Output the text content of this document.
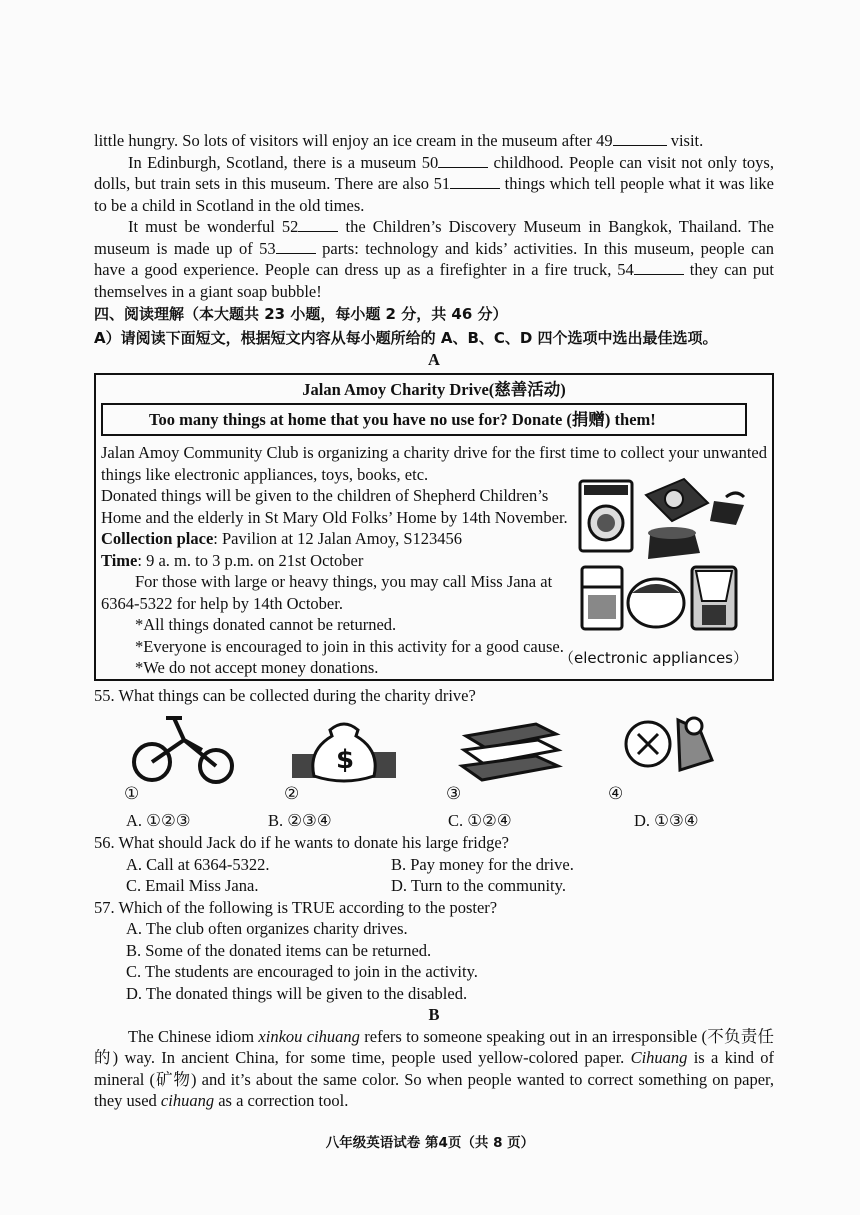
little hungry. So lots of visitors will enjoy an ice cream in the museum after 49	visit.

In Edinburgh, Scotland, there is a museum 50	childhood. People can visit not only toys, dolls, but train sets in this museum. There are also 51	things which tell people what it was like to be a child in Scotland in the old times.

It must be wonderful 52 the Children’s Discovery Museum in Bangkok, Thailand. The museum is made up of 53 parts: technology and kids’ activities. In this museum, people can have a good experience. People can dress up as a firefighter in a fire truck, 54	they can put themselves in a giant soap bubble!

四、阅读理解（本大题共 23 小题，每小题 2 分，共 46 分）

A）请阅读下面短文，根据短文内容从每小题所给的 A、B、C、D 四个选项中选出最佳选项。

A

Jalan Amoy Charity Drive(慈善活动)
Too many things at home that you have no use for? Donate (捐赠) them!

Jalan Amoy Community Club is organizing a charity drive for the first time to collect your unwanted things like electronic appliances, toys, books, etc.

Donated things will be given to the children of Shepherd Children’s Home and the elderly in St Mary Old Folks’ Home by 14th November.

Collection place: Pavilion at 12 Jalan Amoy, S123456

Time: 9 a. m. to 3 p.m. on 21st October

For those with large or heavy things, you may call Miss Jana at 6364-5322 for help by 14th October.

*All things donated cannot be returned.

*Everyone is encouraged to join in this activity for a good cause.

*We do not accept money donations.

（electronic appliances）

55. What things can be collected during the charity drive?

①
$
②	③	④
A. ①②③	B. ②③④	C. ①②④	D. ①③④

56. What should Jack do if he wants to donate his large fridge?

A. Call at 6364-5322.	B. Pay money for the drive.
C. Email Miss Jana.	D. Turn to the community.

57. Which of the following is TRUE according to the poster?

A. The club often organizes charity drives.
B. Some of the donated items can be returned.
C. The students are encouraged to join in the activity.
D. The donated things will be given to the disabled.

B

The Chinese idiom xinkou cihuang refers to someone speaking out in an irresponsible (不负责任的) way. In ancient China, for some time, people used yellow-colored paper. Cihuang is a kind of mineral (矿物) and it’s about the same color. So when people wanted to correct something on paper, they used cihuang as a correction tool.

八年级英语试卷 第4页（共 8 页）
